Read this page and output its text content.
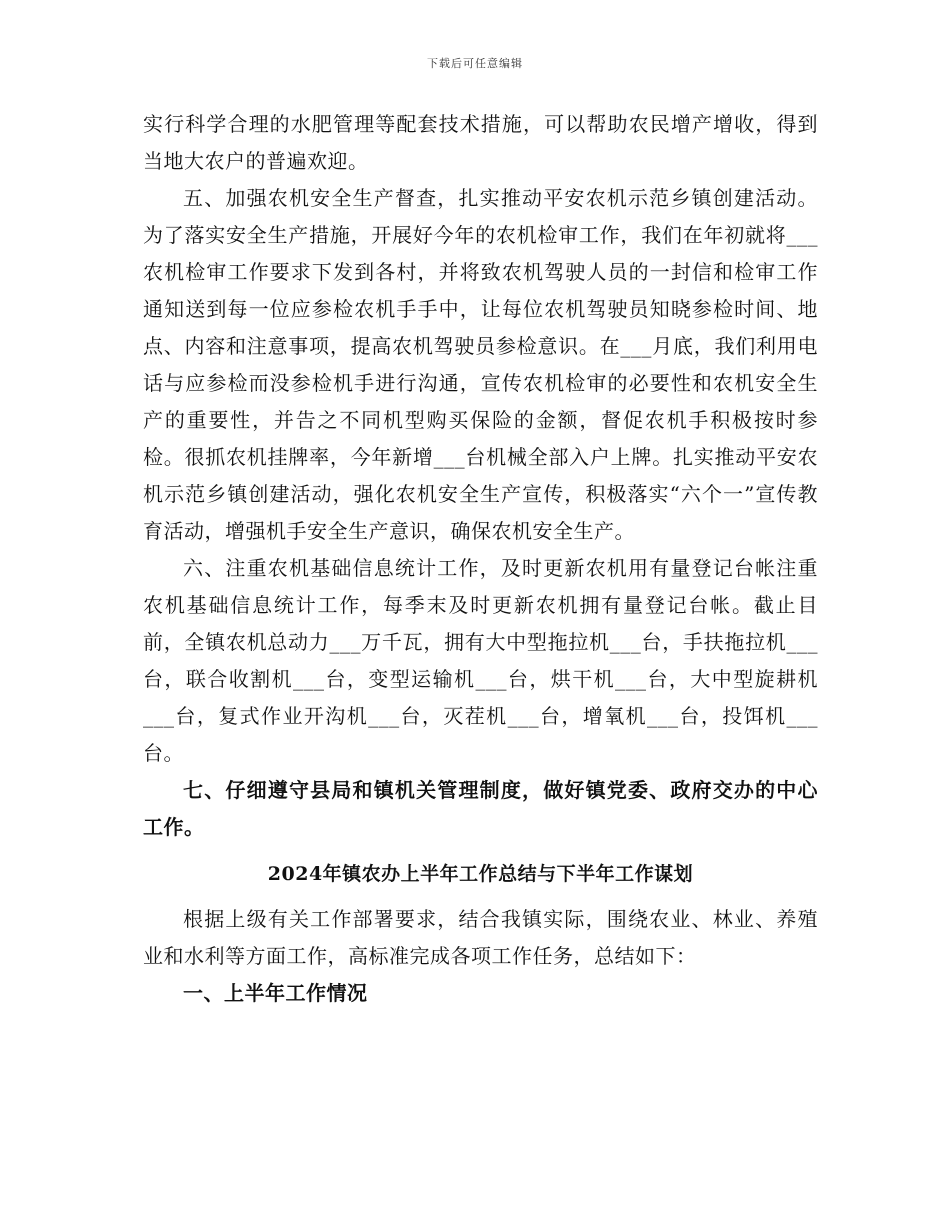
下载后可任意编辑

实行科学合理的水肥管理等配套技术措施，可以帮助农民增产增收，得到当地大农户的普遍欢迎。

五、加强农机安全生产督查，扎实推动平安农机示范乡镇创建活动。为了落实安全生产措施，开展好今年的农机检审工作，我们在年初就将___农机检审工作要求下发到各村，并将致农机驾驶人员的一封信和检审工作通知送到每一位应参检农机手手中，让每位农机驾驶员知晓参检时间、地点、内容和注意事项，提高农机驾驶员参检意识。在___月底，我们利用电话与应参检而没参检机手进行沟通，宣传农机检审的必要性和农机安全生产的重要性，并告之不同机型购买保险的金额，督促农机手积极按时参检。很抓农机挂牌率，今年新增___台机械全部入户上牌。扎实推动平安农机示范乡镇创建活动，强化农机安全生产宣传，积极落实“六个一”宣传教育活动，增强机手安全生产意识，确保农机安全生产。

六、注重农机基础信息统计工作，及时更新农机用有量登记台帐注重农机基础信息统计工作，每季末及时更新农机拥有量登记台帐。截止目前，全镇农机总动力___万千瓦，拥有大中型拖拉机___台，手扶拖拉机___台，联合收割机___台，变型运输机___台，烘干机___台，大中型旋耕机___台，复式作业开沟机___台，灭茬机___台，增氧机___台，投饵机___台。

七、仔细遵守县局和镇机关管理制度，做好镇党委、政府交办的中心工作。

2024年镇农办上半年工作总结与下半年工作谋划

根据上级有关工作部署要求，结合我镇实际，围绕农业、林业、养殖业和水利等方面工作，高标准完成各项工作任务，总结如下：

一、上半年工作情况
